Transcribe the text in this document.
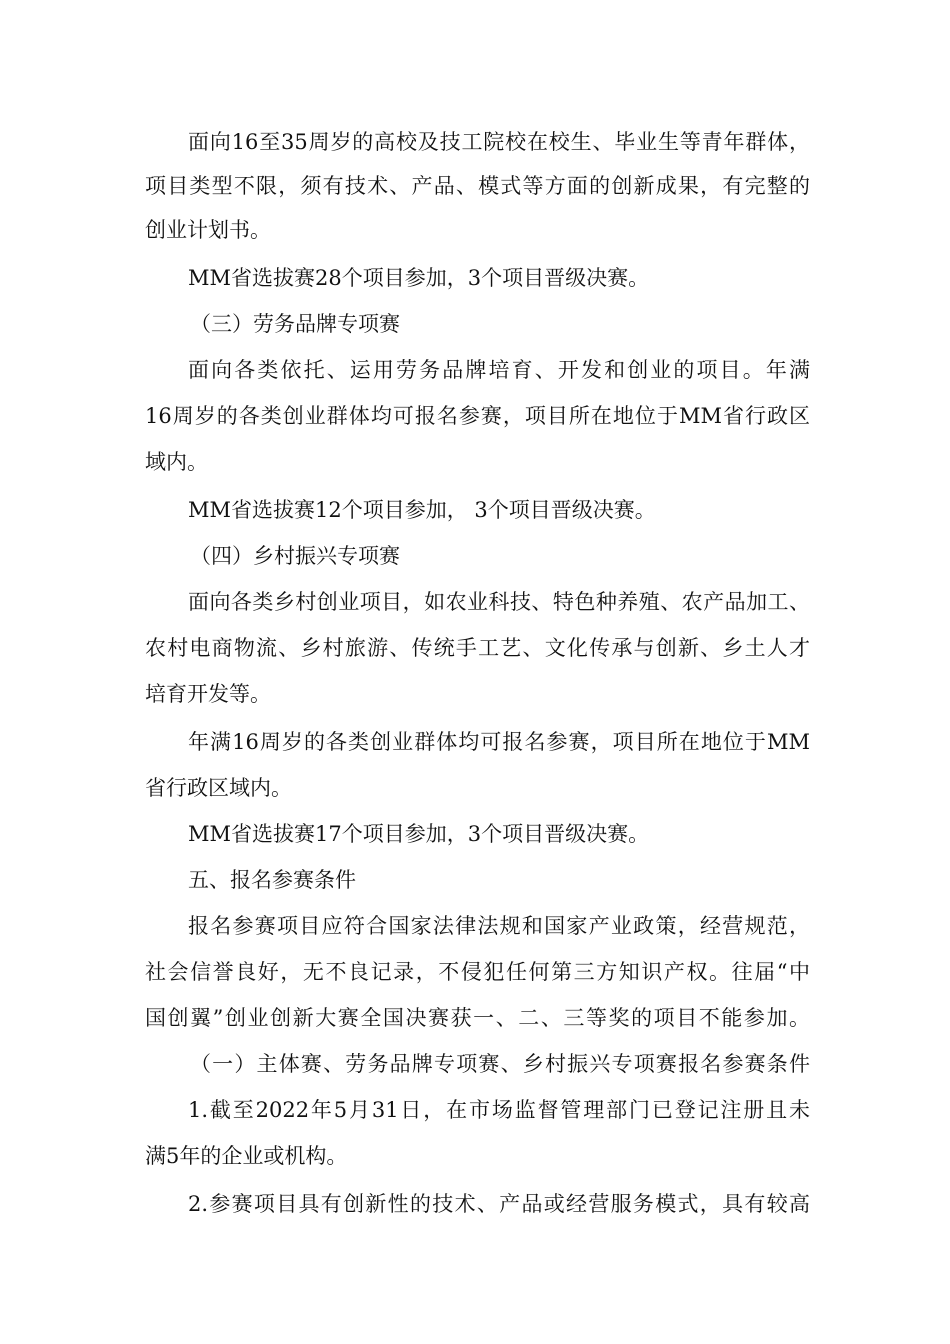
面向16至35周岁的高校及技工院校在校生、毕业生等青年群体，
项目类型不限，须有技术、产品、模式等方面的创新成果，有完整的
创业计划书。
MM省选拔赛28个项目参加，3个项目晋级决赛。
（三）劳务品牌专项赛
面向各类依托、运用劳务品牌培育、开发和创业的项目。年满
16周岁的各类创业群体均可报名参赛，项目所在地位于MM省行政区
域内。
MM省选拔赛12个项目参加， 3个项目晋级决赛。
（四）乡村振兴专项赛
面向各类乡村创业项目，如农业科技、特色种养殖、农产品加工、
农村电商物流、乡村旅游、传统手工艺、文化传承与创新、乡土人才
培育开发等。
年满16周岁的各类创业群体均可报名参赛，项目所在地位于MM
省行政区域内。
MM省选拔赛17个项目参加，3个项目晋级决赛。
五、报名参赛条件
报名参赛项目应符合国家法律法规和国家产业政策，经营规范，
社会信誉良好，无不良记录，不侵犯任何第三方知识产权。往届“中
国创翼”创业创新大赛全国决赛获一、二、三等奖的项目不能参加。
（一）主体赛、劳务品牌专项赛、乡村振兴专项赛报名参赛条件
1.截至2022年5月31日，在市场监督管理部门已登记注册且未
满5年的企业或机构。
2.参赛项目具有创新性的技术、产品或经营服务模式，具有较高
